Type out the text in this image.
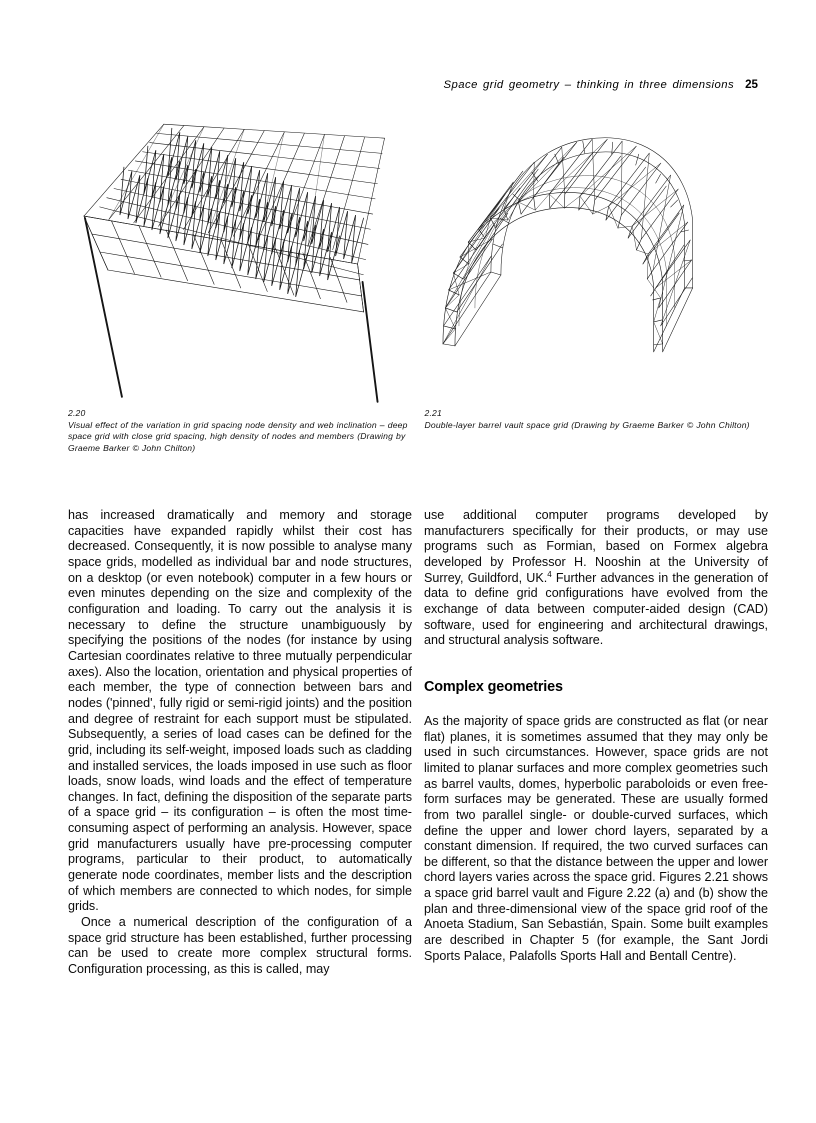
Space grid geometry – thinking in three dimensions 25
2.20
Visual effect of the variation in grid spacing node density and web inclination – deep space grid with close grid spacing, high density of nodes and members (Drawing by Graeme Barker © John Chilton)
2.21
Double-layer barrel vault space grid (Drawing by Graeme Barker © John Chilton)

has increased dramatically and memory and storage capacities have expanded rapidly whilst their cost has decreased. Consequently, it is now possible to analyse many space grids, modelled as individual bar and node structures, on a desktop (or even notebook) computer in a few hours or even minutes depending on the size and complexity of the configuration and loading. To carry out the analysis it is necessary to define the structure unambiguously by specifying the positions of the nodes (for instance by using Cartesian coordinates relative to three mutually perpendicular axes). Also the location, orientation and physical properties of each member, the type of connection between bars and nodes ('pinned', fully rigid or semi-rigid joints) and the position and degree of restraint for each support must be stipulated. Subsequently, a series of load cases can be defined for the grid, including its self-weight, imposed loads such as cladding and installed services, the loads imposed in use such as floor loads, snow loads, wind loads and the effect of temperature changes. In fact, defining the disposition of the separate parts of a space grid – its configuration – is often the most time-consuming aspect of performing an analysis. However, space grid manufacturers usually have pre-processing computer programs, particular to their product, to automatically generate node coordinates, member lists and the description of which members are connected to which nodes, for simple grids.

Once a numerical description of the configuration of a space grid structure has been established, further processing can be used to create more complex structural forms. Configuration processing, as this is called, may

use additional computer programs developed by manufacturers specifically for their products, or may use programs such as Formian, based on Formex algebra developed by Professor H. Nooshin at the University of Surrey, Guildford, UK.$^4$ Further advances in the generation of data to define grid configurations have evolved from the exchange of data between computer-aided design (CAD) software, used for engineering and architectural drawings, and structural analysis software.

Complex geometries

As the majority of space grids are constructed as flat (or near flat) planes, it is sometimes assumed that they may only be used in such circumstances. However, space grids are not limited to planar surfaces and more complex geometries such as barrel vaults, domes, hyperbolic paraboloids or even free-form surfaces may be generated. These are usually formed from two parallel single- or double-curved surfaces, which define the upper and lower chord layers, separated by a constant dimension. If required, the two curved surfaces can be different, so that the distance between the upper and lower chord layers varies across the space grid. Figures 2.21 shows a space grid barrel vault and Figure 2.22 (a) and (b) show the plan and three-dimensional view of the space grid roof of the Anoeta Stadium, San Sebastián, Spain. Some built examples are described in Chapter 5 (for example, the Sant Jordi Sports Palace, Palafolls Sports Hall and Bentall Centre).
